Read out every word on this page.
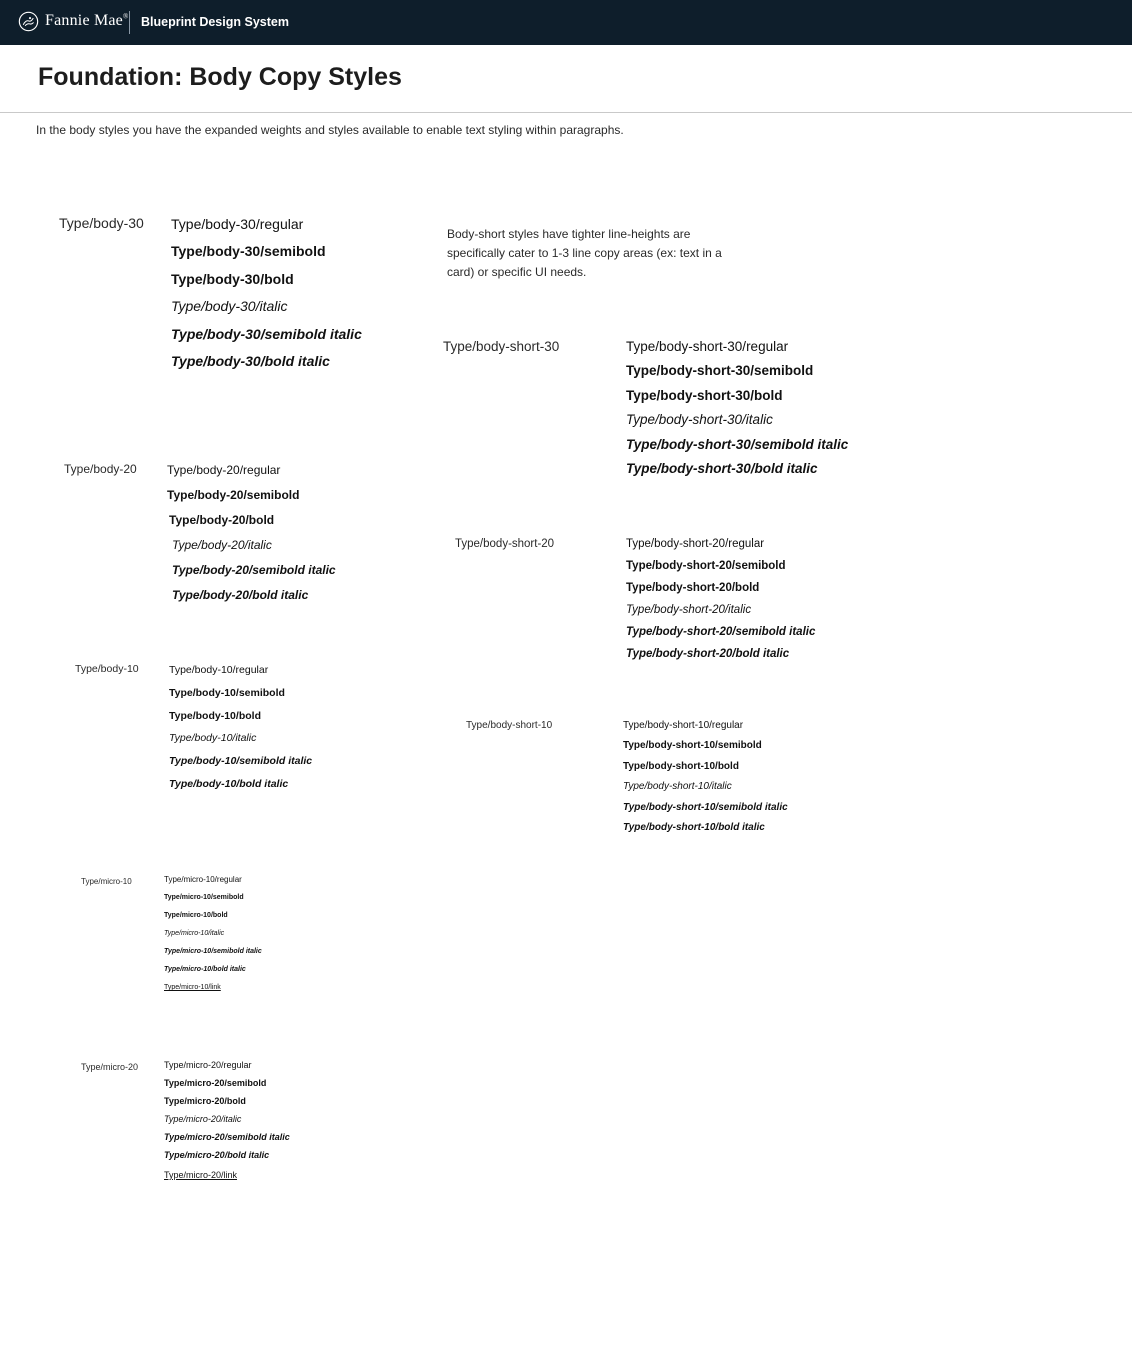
Fannie Mae® Blueprint Design System
Foundation: Body Copy Styles

In the body styles you have the expanded weights and styles available to enable text styling within paragraphs.

Body-short styles have tighter line-heights are specifically cater to 1-3 line copy areas (ex: text in a card) or specific UI needs.

Type/body-30 Type/body-30/regular
Type/body-30/semibold
Type/body-30/bold
Type/body-30/italic
Type/body-30/semibold italic
Type/body-30/bold italic
Type/body-20	Type/body-20/regular
Type/body-20/semibold
Type/body-20/bold
Type/body-20/italic
Type/body-20/semibold italic
Type/body-20/bold italic
Type/body-10	Type/body-10/regular
Type/body-10/semibold
Type/body-10/bold
Type/body-10/italic
Type/body-10/semibold italic
Type/body-10/bold italic
Type/micro-10	Type/micro-10/regular
Type/micro-10/semibold
Type/micro-10/bold
Type/micro-10/italic
Type/micro-10/semibold italic
Type/micro-10/bold italic
Type/micro-10/link
Type/micro-20	Type/micro-20/regular
Type/micro-20/semibold
Type/micro-20/bold
Type/micro-20/italic
Type/micro-20/semibold italic
Type/micro-20/bold italic
Type/micro-20/link
Type/body-short-30	Type/body-short-30/regular
Type/body-short-30/semibold
Type/body-short-30/bold
Type/body-short-30/italic
Type/body-short-30/semibold italic
Type/body-short-30/bold italic
Type/body-short-20	Type/body-short-20/regular
Type/body-short-20/semibold
Type/body-short-20/bold
Type/body-short-20/italic
Type/body-short-20/semibold italic
Type/body-short-20/bold italic
Type/body-short-10	Type/body-short-10/regular
Type/body-short-10/semibold
Type/body-short-10/bold
Type/body-short-10/italic
Type/body-short-10/semibold italic
Type/body-short-10/bold italic
